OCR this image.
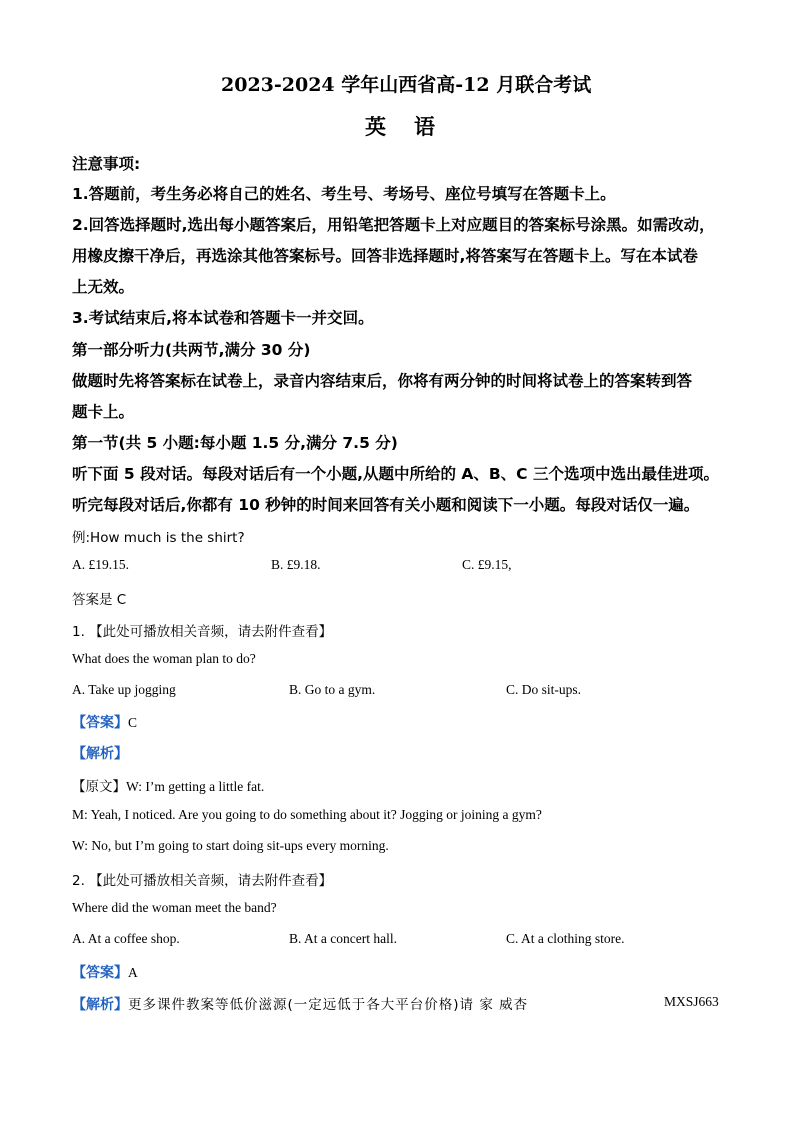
2023-2024 学年山西省高-12 月联合考试
英语
注意事项:
1.答题前，考生务必将自己的姓名、考生号、考场号、座位号填写在答题卡上。
2.回答选择题时,选出每小题答案后，用铅笔把答题卡上对应题目的答案标号涂黑。如需改动，
用橡皮擦干净后，再选涂其他答案标号。回答非选择题时,将答案写在答题卡上。写在本试卷
上无效。
3.考试结束后,将本试卷和答题卡一并交回。
第一部分听力(共两节,满分 30 分)
做题时先将答案标在试卷上，录音内容结束后，你将有两分钟的时间将试卷上的答案转到答
题卡上。
第一节(共 5 小题:每小题 1.5 分,满分 7.5 分)
听下面 5 段对话。每段对话后有一个小题,从题中所给的 A、B、C 三个选项中选出最佳进项。
听完每段对话后,你都有 10 秒钟的时间来回答有关小题和阅读下一小题。每段对话仅一遍。
例:How much is the shirt?
A. £19.15.	B. £9.18.	C. £9.15,
答案是 C
1. 【此处可播放相关音频，请去附件查看】
What does the woman plan to do?
A. Take up jogging	B. Go to a gym.	C. Do sit-ups.
【答案】C
【解析】
【原文】W: I’m getting a little fat.
M: Yeah, I noticed. Are you going to do something about it? Jogging or joining a gym?
W: No, but I’m going to start doing sit-ups every morning.
2. 【此处可播放相关音频，请去附件查看】
Where did the woman meet the band?
A. At a coffee shop.	B. At a concert hall.	C. At a clothing store.
【答案】A
【解析】更多课件教案等低价滋源(一定远低于各大平台价格)请 家 威杏	MXSJ663
